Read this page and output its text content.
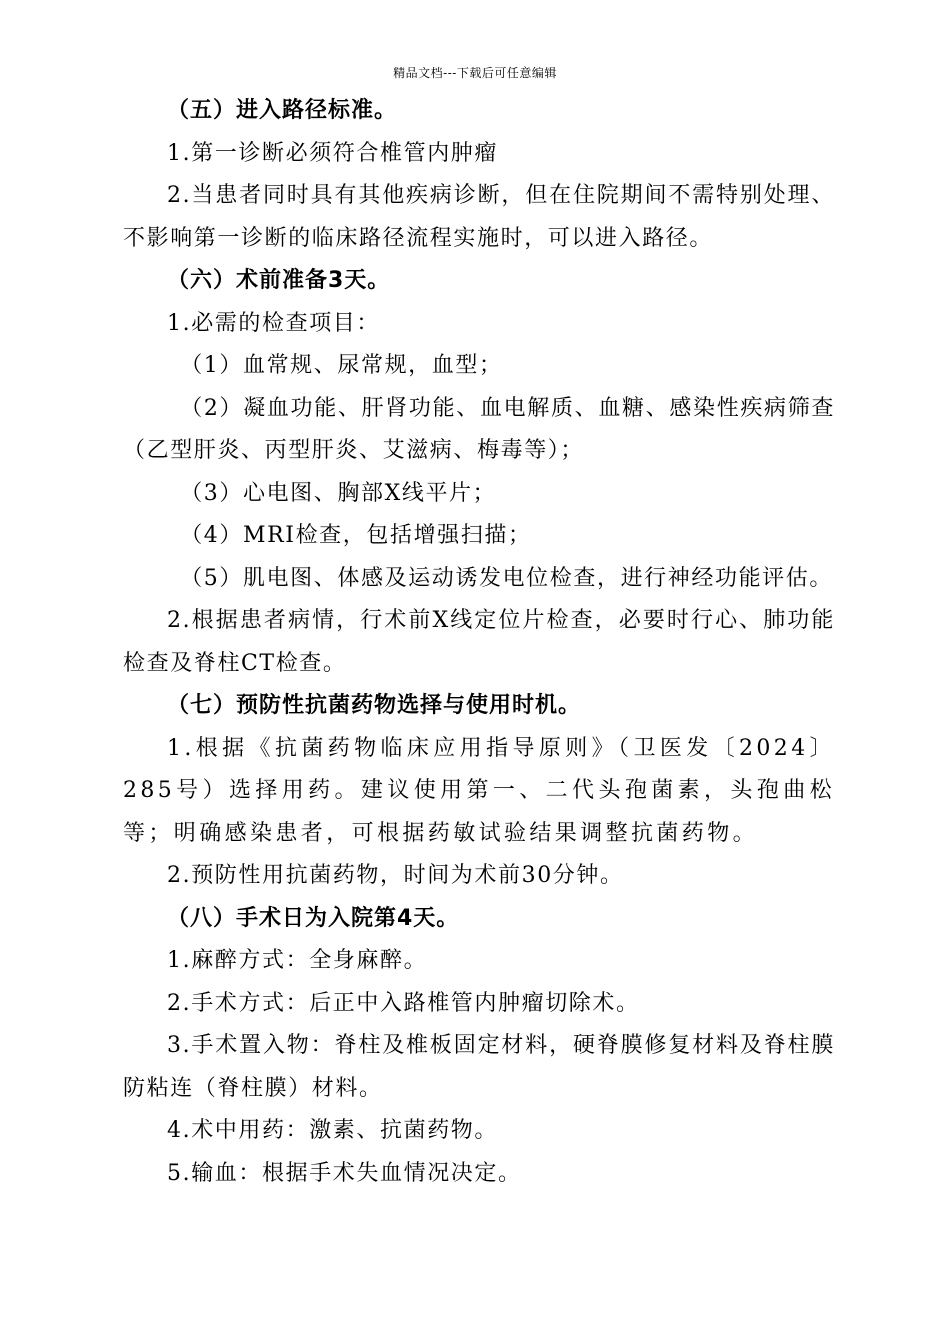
精品文档---下载后可任意编辑

（五）进入路径标准。

1.第一诊断必须符合椎管内肿瘤

2.当患者同时具有其他疾病诊断，但在住院期间不需特别处理、不影响第一诊断的临床路径流程实施时，可以进入路径。

（六）术前准备3天。

1.必需的检查项目：

（1）血常规、尿常规，血型；

（2）凝血功能、肝肾功能、血电解质、血糖、感染性疾病筛查（乙型肝炎、丙型肝炎、艾滋病、梅毒等）；

（3）心电图、胸部X线平片；

（4）MRI检查，包括增强扫描；

（5）肌电图、体感及运动诱发电位检查，进行神经功能评估。

2.根据患者病情，行术前X线定位片检查，必要时行心、肺功能检查及脊柱CT检查。

（七）预防性抗菌药物选择与使用时机。

1.根据《抗菌药物临床应用指导原则》（卫医发〔2024〕285号）选择用药。建议使用第一、二代头孢菌素，头孢曲松等；明确感染患者，可根据药敏试验结果调整抗菌药物。

2.预防性用抗菌药物，时间为术前30分钟。

（八）手术日为入院第4天。

1.麻醉方式：全身麻醉。

2.手术方式：后正中入路椎管内肿瘤切除术。

3.手术置入物：脊柱及椎板固定材料，硬脊膜修复材料及脊柱膜防粘连（脊柱膜）材料。

4.术中用药：激素、抗菌药物。

5.输血：根据手术失血情况决定。
